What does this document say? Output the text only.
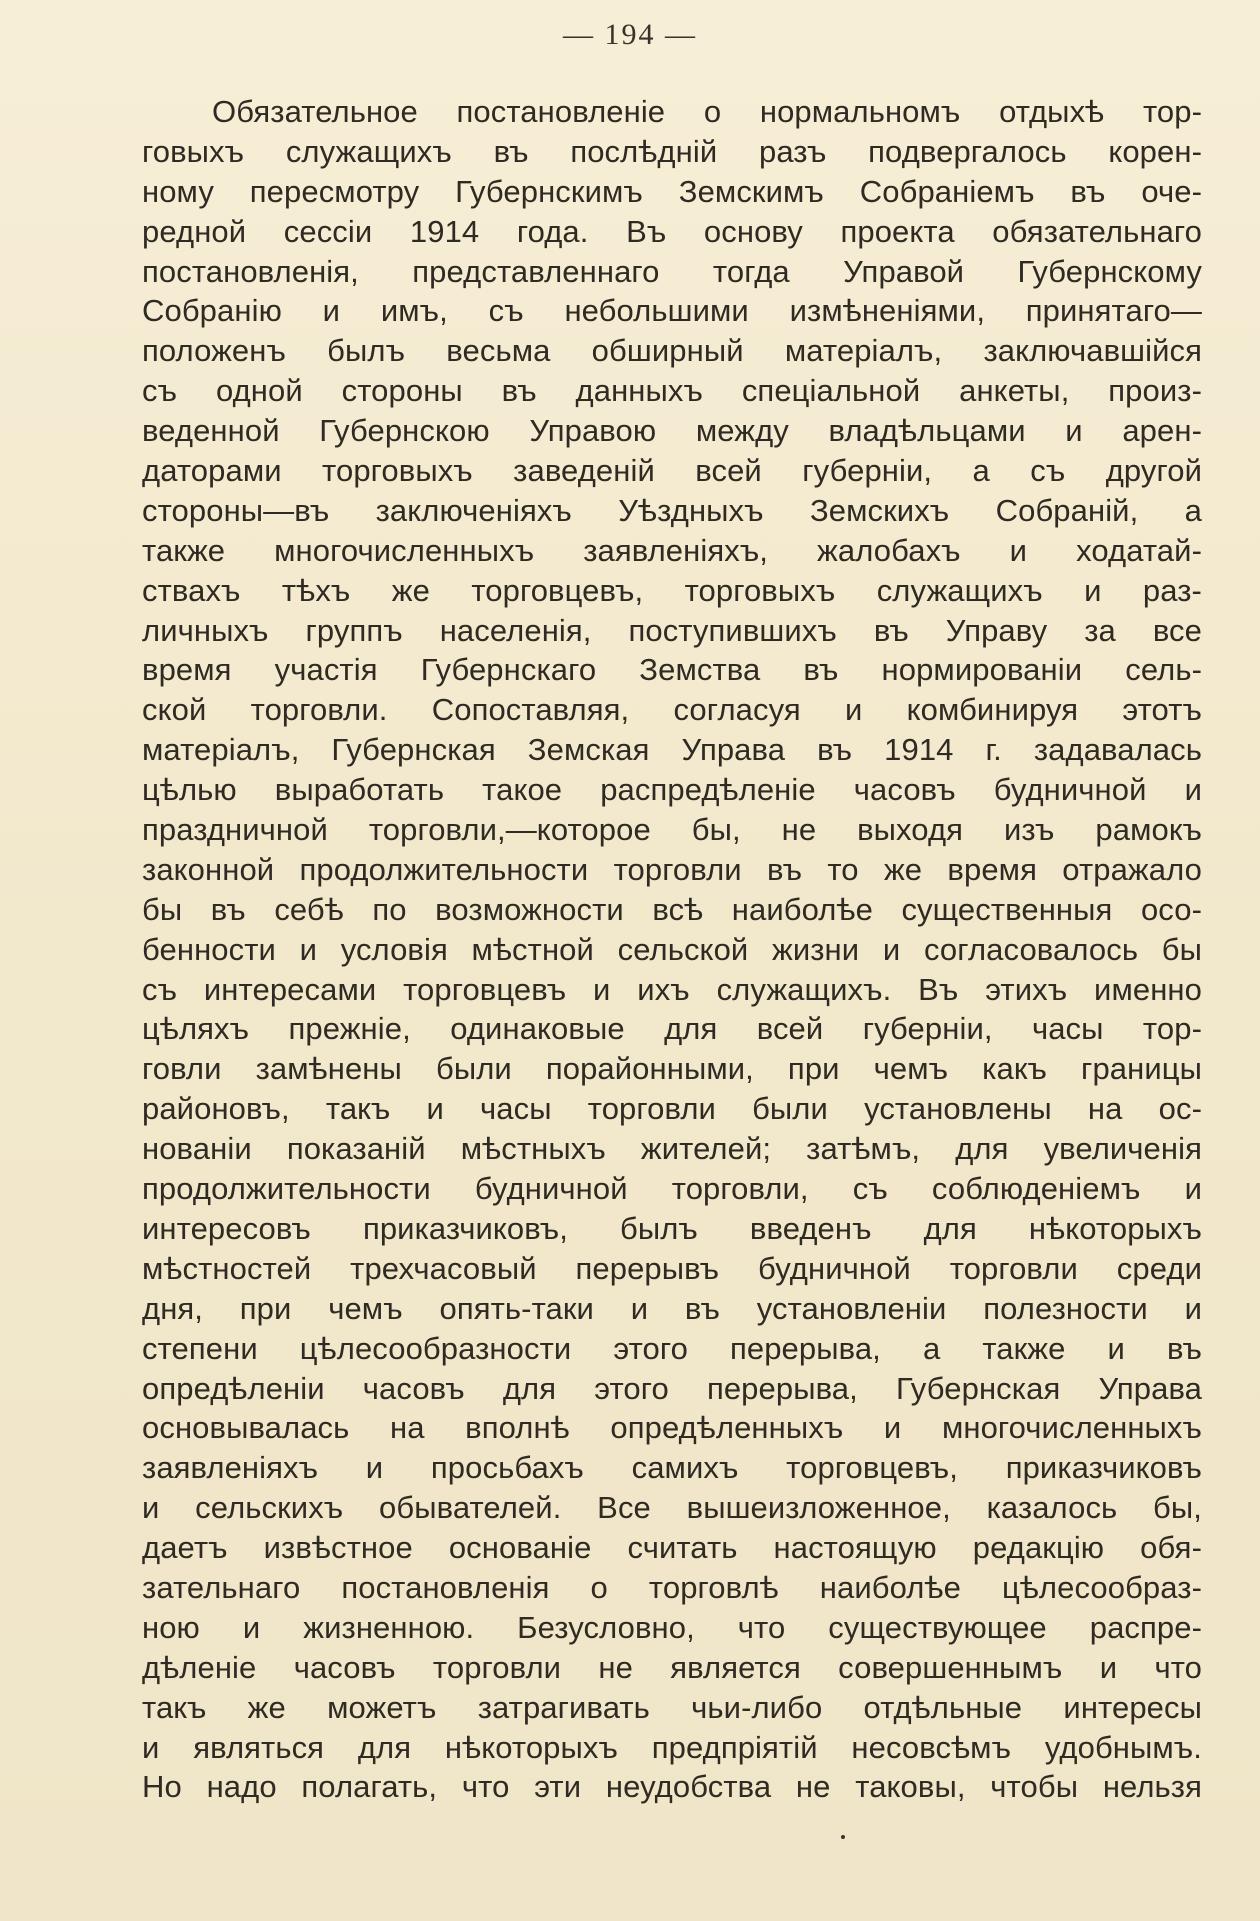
— 194 —
Обязательное постановленіе о нормальномъ отдыхѣ тор-
говыхъ служащихъ въ послѣдній разъ подвергалось корен-
ному пересмотру Губернскимъ Земскимъ Собраніемъ въ оче-
редной сессіи 1914 года. Въ основу проекта обязательнаго
постановленія, представленнаго тогда Управой Губернскому
Собранію и имъ, съ небольшими измѣненіями, принятаго—
положенъ былъ весьма обширный матеріалъ, заключавшійся
съ одной стороны въ данныхъ спеціальной анкеты, произ-
веденной Губернскою Управою между владѣльцами и арен-
даторами торговыхъ заведеній всей губерніи, а съ другой
стороны—въ заключеніяхъ Уѣздныхъ Земскихъ Собраній, а
также многочисленныхъ заявленіяхъ, жалобахъ и ходатай-
ствахъ тѣхъ же торговцевъ, торговыхъ служащихъ и раз-
личныхъ группъ населенія, поступившихъ въ Управу за все
время участія Губернскаго Земства въ нормированіи сель-
ской торговли. Сопоставляя, согласуя и комбинируя этотъ
матеріалъ, Губернская Земская Управа въ 1914 г. задавалась
цѣлью выработать такое распредѣленіе часовъ будничной и
праздничной торговли,—которое бы, не выходя изъ рамокъ
законной продолжительности торговли въ то же время отражало
бы въ себѣ по возможности всѣ наиболѣе существенныя осо-
бенности и условія мѣстной сельской жизни и согласовалось бы
съ интересами торговцевъ и ихъ служащихъ. Въ этихъ именно
цѣляхъ прежніе, одинаковые для всей губерніи, часы тор-
говли замѣнены были порайонными, при чемъ какъ границы
районовъ, такъ и часы торговли были установлены на ос-
нованіи показаній мѣстныхъ жителей; затѣмъ, для увеличенія
продолжительности будничной торговли, съ соблюденіемъ и
интересовъ приказчиковъ, былъ введенъ для нѣкоторыхъ
мѣстностей трехчасовый перерывъ будничной торговли среди
дня, при чемъ опять-таки и въ установленіи полезности и
степени цѣлесообразности этого перерыва, а также и въ
опредѣленіи часовъ для этого перерыва, Губернская Управа
основывалась на вполнѣ опредѣленныхъ и многочисленныхъ
заявленіяхъ и просьбахъ самихъ торговцевъ, приказчиковъ
и сельскихъ обывателей. Все вышеизложенное, казалось бы,
даетъ извѣстное основаніе считать настоящую редакцію обя-
зательнаго постановленія о торговлѣ наиболѣе цѣлесообраз-
ною и жизненною. Безусловно, что существующее распре-
дѣленіе часовъ торговли не является совершеннымъ и что
такъ же можетъ затрагивать чьи-либо отдѣльные интересы
и являться для нѣкоторыхъ предпріятій несовсѣмъ удобнымъ.
Но надо полагать, что эти неудобства не таковы, чтобы нельзя
